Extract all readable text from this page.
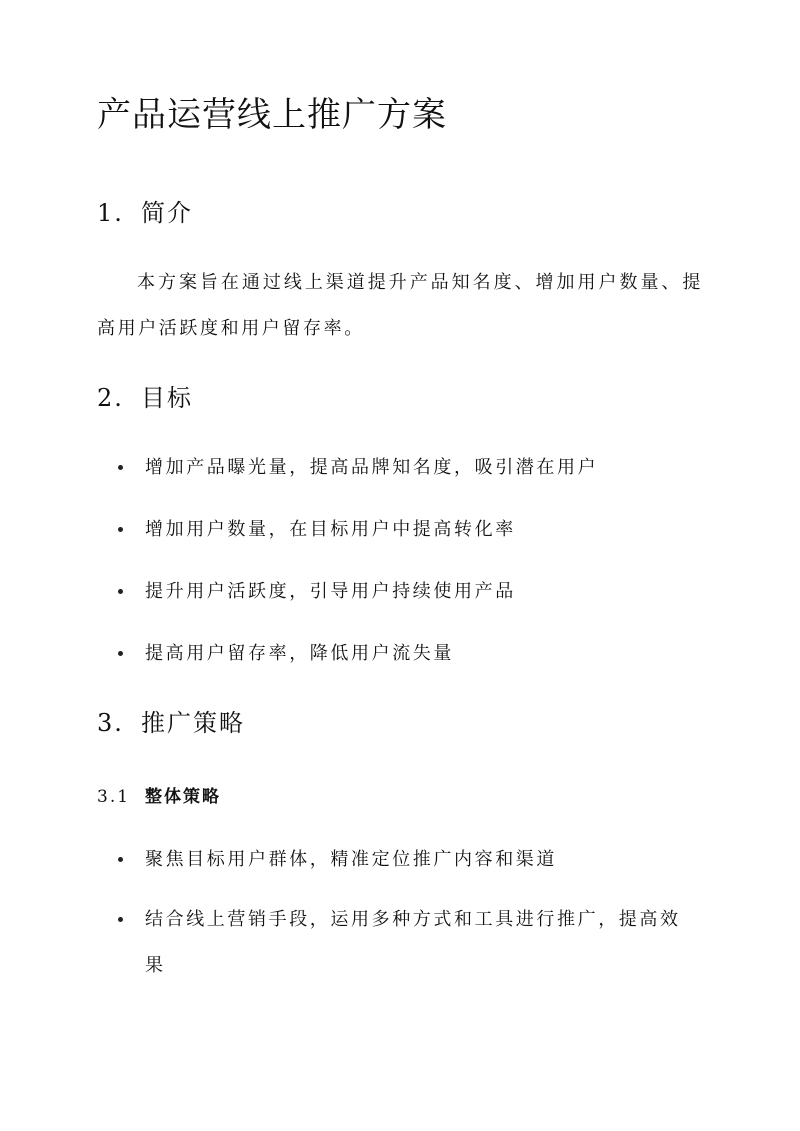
产品运营线上推广方案
1. 简介

本方案旨在通过线上渠道提升产品知名度、增加用户数量、提高用户活跃度和用户留存率。

2. 目标
增加产品曝光量，提高品牌知名度，吸引潜在用户
增加用户数量，在目标用户中提高转化率
提升用户活跃度，引导用户持续使用产品
提高用户留存率，降低用户流失量
3. 推广策略
3.1 整体策略
聚焦目标用户群体，精准定位推广内容和渠道
结合线上营销手段，运用多种方式和工具进行推广，提高效果
